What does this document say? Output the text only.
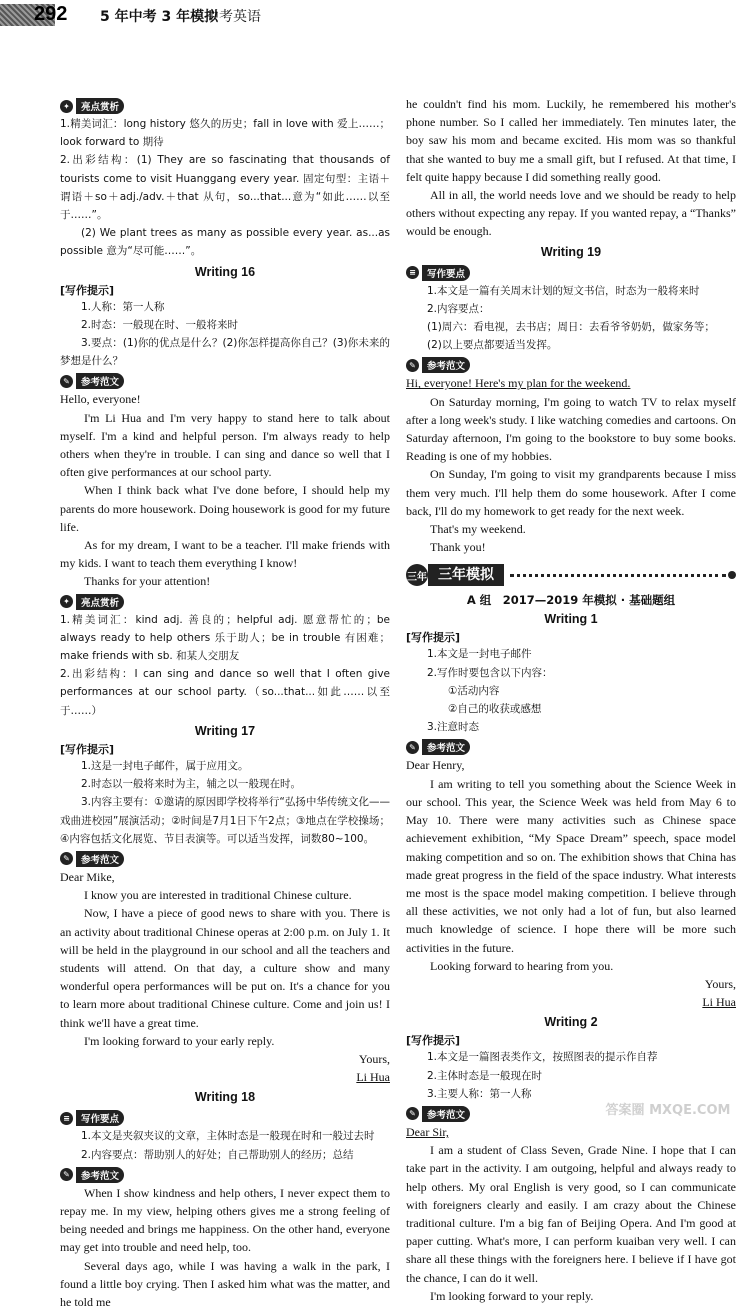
292 5 年中考 3 年模拟
中考英语
✦	亮点赏析

1.精美词汇：long history 悠久的历史；fall in love with 爱上……；look forward to 期待

2.出彩结构：(1) They are so fascinating that thousands of tourists come to visit Huanggang every year. 固定句型：主语＋谓语＋so＋adj./adv.＋that 从句，so...that...意为“如此……以至于……”。

(2) We plant trees as many as possible every year. as...as possible 意为“尽可能……”。

Writing 16
[写作提示]

1.人称：第一人称

2.时态：一般现在时、一般将来时

3.要点：(1)你的优点是什么？(2)你怎样提高你自己？(3)你未来的梦想是什么？

✎	参考范文

Hello, everyone!

I'm Li Hua and I'm very happy to stand here to talk about myself. I'm a kind and helpful person. I'm always ready to help others when they're in trouble. I can sing and dance so well that I often give performances at our school party.

When I think back what I've done before, I should help my parents do more housework. Doing housework is good for my future life.

As for my dream, I want to be a teacher. I'll make friends with my kids. I want to teach them everything I know!

Thanks for your attention!

✦	亮点赏析

1.精美词汇：kind adj. 善良的；helpful adj. 愿意帮忙的；be always ready to help others 乐于助人；be in trouble 有困难；make friends with sb. 和某人交朋友

2.出彩结构：I can sing and dance so well that I often give performances at our school party.（so...that...如此……以至于……）

Writing 17
[写作提示]

1.这是一封电子邮件，属于应用文。

2.时态以一般将来时为主，辅之以一般现在时。

3.内容主要有：①邀请的原因即学校将举行“弘扬中华传统文化——戏曲进校园”展演活动；②时间是7月1日下午2点；③地点在学校操场；④内容包括文化展览、节目表演等。可以适当发挥，词数80~100。

✎	参考范文

Dear Mike,

I know you are interested in traditional Chinese culture.

Now, I have a piece of good news to share with you. There is an activity about traditional Chinese operas at 2:00 p.m. on July 1. It will be held in the playground in our school and all the teachers and students will attend. On that day, a culture show and many wonderful opera performances will be put on. It's a chance for you to learn more about traditional Chinese culture. Come and join us! I think we'll have a great time.

I'm looking forward to your early reply.

Yours,

Li Hua

Writing 18
≡	写作要点

1.本文是夹叙夹议的文章，主体时态是一般现在时和一般过去时

2.内容要点：帮助别人的好处；自己帮助别人的经历；总结

✎	参考范文

When I show kindness and help others, I never expect them to repay me. In my view, helping others gives me a strong feeling of being needed and brings me happiness. On the other hand, everyone may get into trouble and need help, too.

Several days ago, while I was having a walk in the park, I found a little boy crying. Then I asked him what was the matter, and he told me

he couldn't find his mom. Luckily, he remembered his mother's phone number. So I called her immediately. Ten minutes later, the boy saw his mom and became excited. His mom was so thankful that she wanted to buy me a small gift, but I refused. At that time, I felt quite happy because I did something really good.

All in all, the world needs love and we should be ready to help others without expecting any repay. If you wanted repay, a “Thanks” would be enough.

Writing 19
≡	写作要点

1.本文是一篇有关周末计划的短文书信，时态为一般将来时

2.内容要点：

(1)周六：看电视，去书店；周日：去看爷爷奶奶，做家务等；

(2)以上要点都要适当发挥。

✎	参考范文

Hi, everyone! Here's my plan for the weekend.

On Saturday morning, I'm going to watch TV to relax myself after a long week's study. I like watching comedies and cartoons. On Saturday afternoon, I'm going to the bookstore to buy some books. Reading is one of my hobbies.

On Sunday, I'm going to visit my grandparents because I miss them very much. I'll help them do some housework. After I come back, I'll do my homework to get ready for the next week.

That's my weekend.

Thank you!

三年 三年模拟
A 组　2017—2019 年模拟 · 基础题组
Writing 1
[写作提示]

1.本文是一封电子邮件

2.写作时要包含以下内容：

①活动内容

②自己的收获或感想

3.注意时态

✎	参考范文

Dear Henry,

I am writing to tell you something about the Science Week in our school. This year, the Science Week was held from May 6 to May 10. There were many activities such as Chinese space achievement exhibition, “My Space Dream” speech, space model making competition and so on. The exhibition shows that China has made great progress in the field of the space industry. What interests me most is the space model making competition. I believe through all these activities, we not only had a lot of fun, but also learned much knowledge of science. I hope there will be more such activities in the future.

Looking forward to hearing from you.

Yours,

Li Hua

Writing 2
[写作提示]

1.本文是一篇图表类作文，按照图表的提示作自荐

2.主体时态是一般现在时

3.主要人称：第一人称

✎	参考范文

Dear Sir,

I am a student of Class Seven, Grade Nine. I hope that I can take part in the activity. I am outgoing, helpful and always ready to help others. My oral English is very good, so I can communicate with foreigners clearly and easily. I am crazy about the Chinese traditional culture. I'm a big fan of Beijing Opera. And I'm good at paper cutting. What's more, I can perform kuaiban very well. I can share all these things with the foreigners here. I believe if I have got the chance, I can do it well.

I'm looking forward to your reply.

答案圈 MXQE.COM
